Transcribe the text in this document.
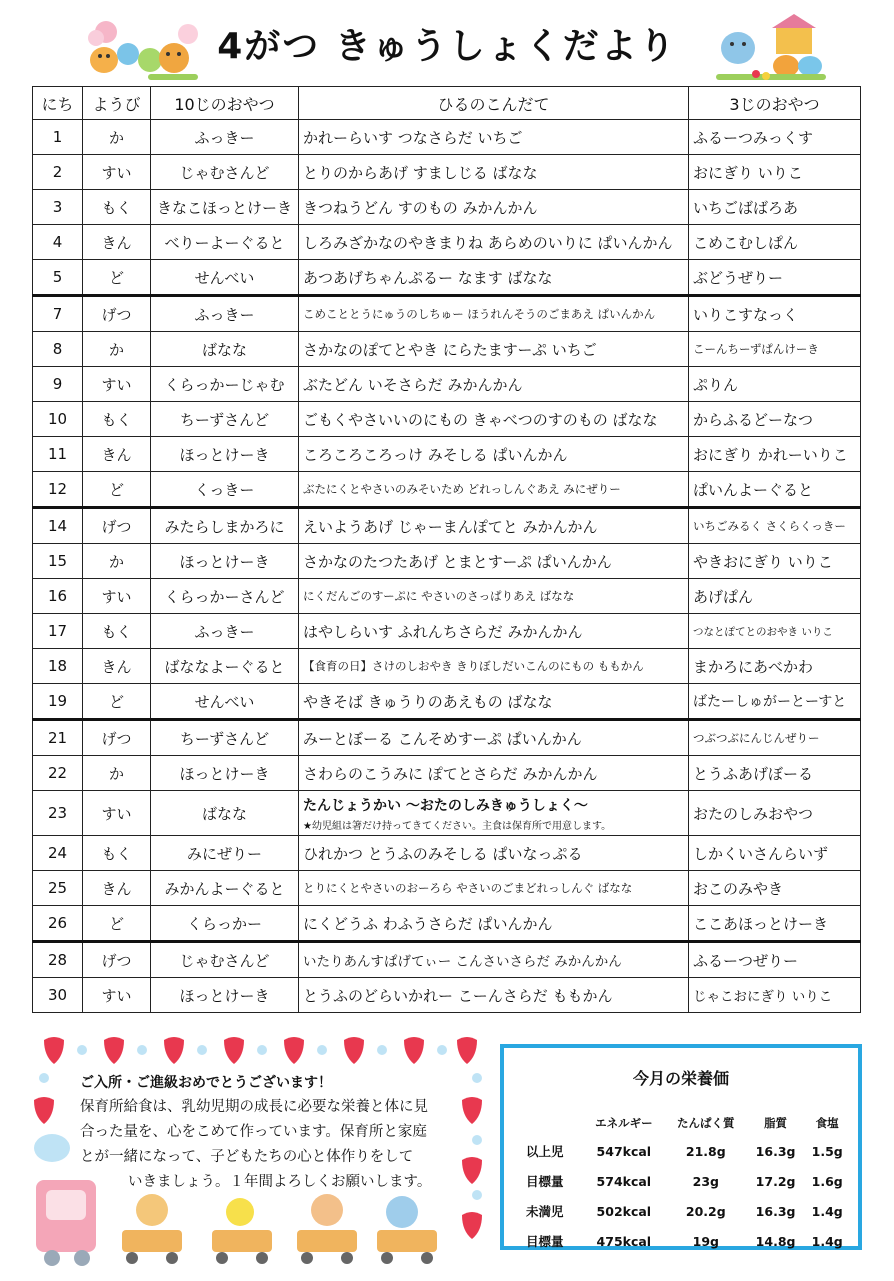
4がつ きゅうしょくだより
にち	ようび	10じのおやつ	ひるのこんだて	3じのおやつ
1	か	ふっきー	かれーらいす つなさらだ いちご	ふるーつみっくす
2	すい	じゃむさんど	とりのからあげ すましじる ばなな	おにぎり いりこ
3	もく	きなこほっとけーき	きつねうどん すのもの みかんかん	いちごばばろあ
4	きん	べりーよーぐると	しろみざかなのやきまりね あらめのいりに ぱいんかん	こめこむしぱん
5	ど	せんべい	あつあげちゃんぷるー なます ばなな	ぶどうぜりー
7	げつ	ふっきー	こめこととうにゅうのしちゅー ほうれんそうのごまあえ ぱいんかん	いりこすなっく
8	か	ばなな	さかなのぽてとやき にらたますーぷ いちご	こーんちーずぱんけーき
9	すい	くらっかーじゃむ	ぶたどん いそさらだ みかんかん	ぷりん
10	もく	ちーずさんど	ごもくやさいいのにもの きゃべつのすのもの ばなな	からふるどーなつ
11	きん	ほっとけーき	ころころころっけ みそしる ぱいんかん	おにぎり かれーいりこ
12	ど	くっきー	ぶたにくとやさいのみそいため どれっしんぐあえ みにぜりー	ぱいんよーぐると
14	げつ	みたらしまかろに	えいようあげ じゃーまんぽてと みかんかん	いちごみるく さくらくっきー
15	か	ほっとけーき	さかなのたつたあげ とまとすーぷ ぱいんかん	やきおにぎり いりこ
16	すい	くらっかーさんど	にくだんごのすーぷに やさいのさっぱりあえ ばなな	あげぱん
17	もく	ふっきー	はやしらいす ふれんちさらだ みかんかん	つなとぽてとのおやき いりこ
18	きん	ばななよーぐると	【食育の日】さけのしおやき きりぼしだいこんのにもの ももかん	まかろにあべかわ
19	ど	せんべい	やきそば きゅうりのあえもの ばなな	ばたーしゅがーとーすと
21	げつ	ちーずさんど	みーとぼーる こんそめすーぷ ぱいんかん	つぶつぶにんじんぜりー
22	か	ほっとけーき	さわらのこうみに ぽてとさらだ みかんかん	とうふあげぼーる
23	すい	ばなな	たんじょうかい ～おたのしみきゅうしょく～
★幼児組は箸だけ持ってきてください。主食は保育所で用意します。	おたのしみおやつ
24	もく	みにぜりー	ひれかつ とうふのみそしる ぱいなっぷる	しかくいさんらいず
25	きん	みかんよーぐると	とりにくとやさいのおーろら やさいのごまどれっしんぐ ばなな	おこのみやき
26	ど	くらっかー	にくどうふ わふうさらだ ぱいんかん	ここあほっとけーき
28	げつ	じゃむさんど	いたりあんすぱげてぃー こんさいさらだ みかんかん	ふるーつぜりー
30	すい	ほっとけーき	とうふのどらいかれー こーんさらだ ももかん	じゃこおにぎり いりこ
ご入所・ご進級おめでとうございます！
保育所給食は、乳幼児期の成長に必要な栄養と体に見
合った量を、心をこめて作っています。保育所と家庭
とが一緒になって、子どもたちの心と体作りをして
いきましょう。１年間よろしくお願いします。
今月の栄養価
	エネルギー	たんぱく質	脂質	食塩
以上児	547kcal	21.8g	16.3g	1.5g
目標量	574kcal	23g	17.2g	1.6g
未満児	502kcal	20.2g	16.3g	1.4g
目標量	475kcal	19g	14.8g	1.4g
